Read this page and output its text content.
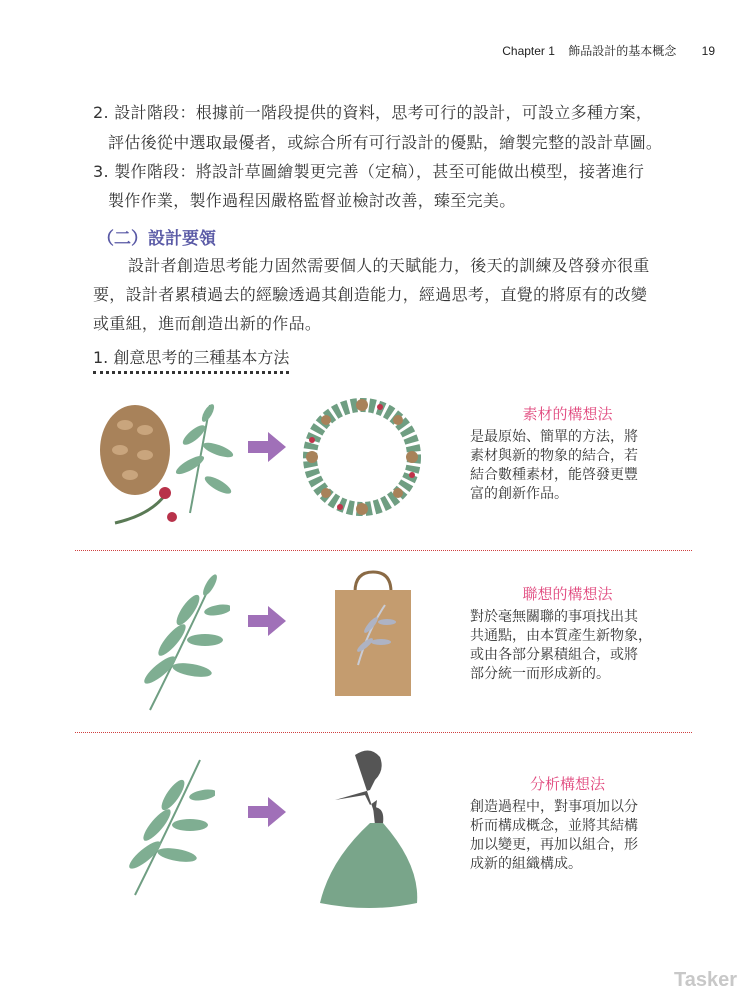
Chapter 1 飾品設計的基本概念 19
2. 設計階段：根據前一階段提供的資料，思考可行的設計，可設立多種方案，
評估後從中選取最優者，或綜合所有可行設計的優點，繪製完整的設計草圖。
3. 製作階段：將設計草圖繪製更完善（定稿），甚至可能做出模型，接著進行
製作作業，製作過程因嚴格監督並檢討改善，臻至完美。
（二）設計要領
設計者創造思考能力固然需要個人的天賦能力，後天的訓練及啓發亦很重
要，設計者累積過去的經驗透過其創造能力，經過思考，直覺的將原有的改變
或重組，進而創造出新的作品。
1. 創意思考的三種基本方法
素材的構想法
是最原始、簡單的方法，將
素材與新的物象的結合，若
結合數種素材，能啓發更豐
富的創新作品。
聯想的構想法
對於毫無關聯的事項找出其
共通點，由本質產生新物象，
或由各部分累積組合，或將
部分統一而形成新的。
分析構想法
創造過程中，對事項加以分
析而構成概念，並將其結構
加以變更，再加以組合，形
成新的組織構成。
Tasker
